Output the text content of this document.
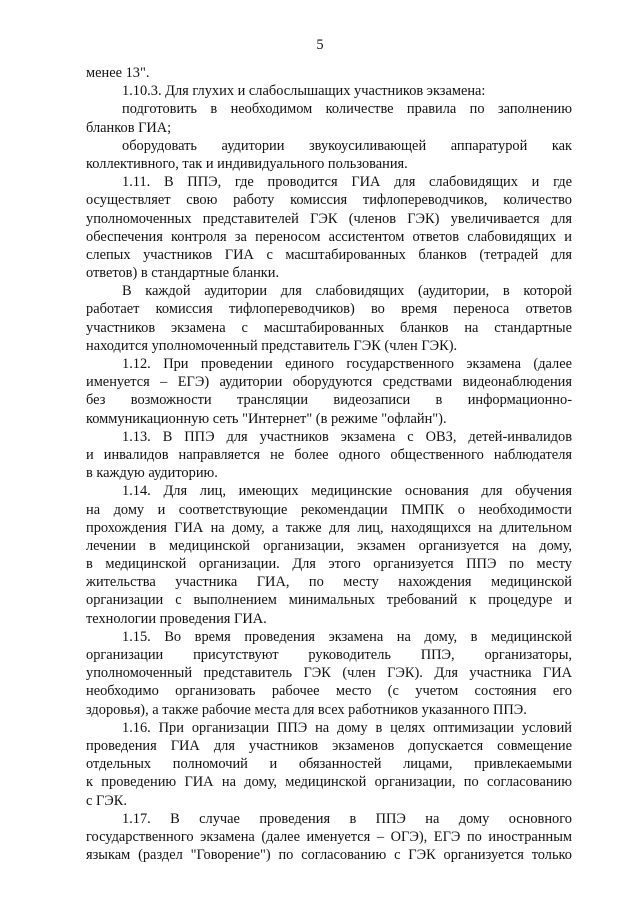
5
менее 13".
1.10.3. Для глухих и слабослышащих участников экзамена:
подготовить в необходимом количестве правила по заполнению
бланков ГИА;
оборудовать аудитории звукоусиливающей аппаратурой как
коллективного, так и индивидуального пользования.
1.11. В ППЭ, где проводится ГИА для слабовидящих и где
осуществляет свою работу комиссия тифлопереводчиков, количество
уполномоченных представителей ГЭК (членов ГЭК) увеличивается для
обеспечения контроля за переносом ассистентом ответов слабовидящих и
слепых участников ГИА с масштабированных бланков (тетрадей для
ответов) в стандартные бланки.
В каждой аудитории для слабовидящих (аудитории, в которой
работает комиссия тифлопереводчиков) во время переноса ответов
участников экзамена с масштабированных бланков на стандартные
находится уполномоченный представитель ГЭК (член ГЭК).
1.12. При проведении единого государственного экзамена (далее
именуется – ЕГЭ) аудитории оборудуются средствами видеонаблюдения
без возможности трансляции видеозаписи в информационно-
коммуникационную сеть "Интернет" (в режиме "офлайн").
1.13. В ППЭ для участников экзамена с ОВЗ, детей-инвалидов
и инвалидов направляется не более одного общественного наблюдателя
в каждую аудиторию.
1.14. Для лиц, имеющих медицинские основания для обучения
на дому и соответствующие рекомендации ПМПК о необходимости
прохождения ГИА на дому, а также для лиц, находящихся на длительном
лечении в медицинской организации, экзамен организуется на дому,
в медицинской организации. Для этого организуется ППЭ по месту
жительства участника ГИА, по месту нахождения медицинской
организации с выполнением минимальных требований к процедуре и
технологии проведения ГИА.
1.15. Во время проведения экзамена на дому, в медицинской
организации присутствуют руководитель ППЭ, организаторы,
уполномоченный представитель ГЭК (член ГЭК). Для участника ГИА
необходимо организовать рабочее место (с учетом состояния его
здоровья), а также рабочие места для всех работников указанного ППЭ.
1.16. При организации ППЭ на дому в целях оптимизации условий
проведения ГИА для участников экзаменов допускается совмещение
отдельных полномочий и обязанностей лицами, привлекаемыми
к проведению ГИА на дому, медицинской организации, по согласованию
с ГЭК.
1.17. В случае проведения в ППЭ на дому основного
государственного экзамена (далее именуется – ОГЭ), ЕГЭ по иностранным
языкам (раздел "Говорение") по согласованию с ГЭК организуется только
